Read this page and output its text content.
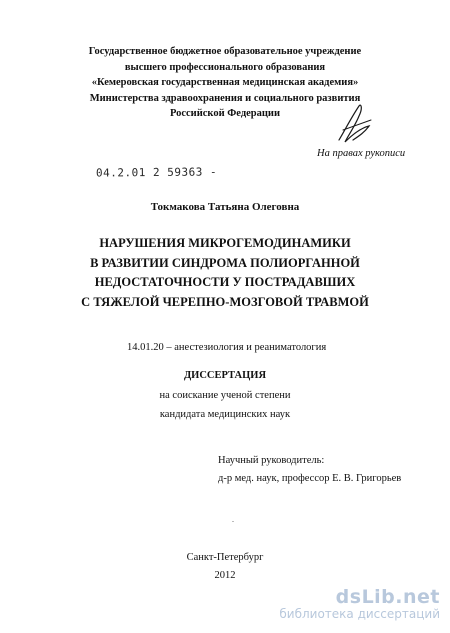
Государственное бюджетное образовательное учреждение
высшего профессионального образования
«Кемеровская государственная медицинская академия»
Министерства здравоохранения и социального развития
Российской Федерации
На правах рукописи
04.2.01 2 59363 -
Токмакова Татьяна Олеговна
НАРУШЕНИЯ МИКРОГЕМОДИНАМИКИ
В РАЗВИТИИ СИНДРОМА ПОЛИОРГАННОЙ
НЕДОСТАТОЧНОСТИ У ПОСТРАДАВШИХ
С ТЯЖЕЛОЙ ЧЕРЕПНО-МОЗГОВОЙ ТРАВМОЙ
14.01.20 – анестезиология и реаниматология
ДИССЕРТАЦИЯ
на соискание ученой степени
кандидата медицинских наук
Научный руководитель:
д-р мед. наук, профессор Е. В. Григорьев
Санкт-Петербург
2012
dsLib.net
библиотека диссертаций
